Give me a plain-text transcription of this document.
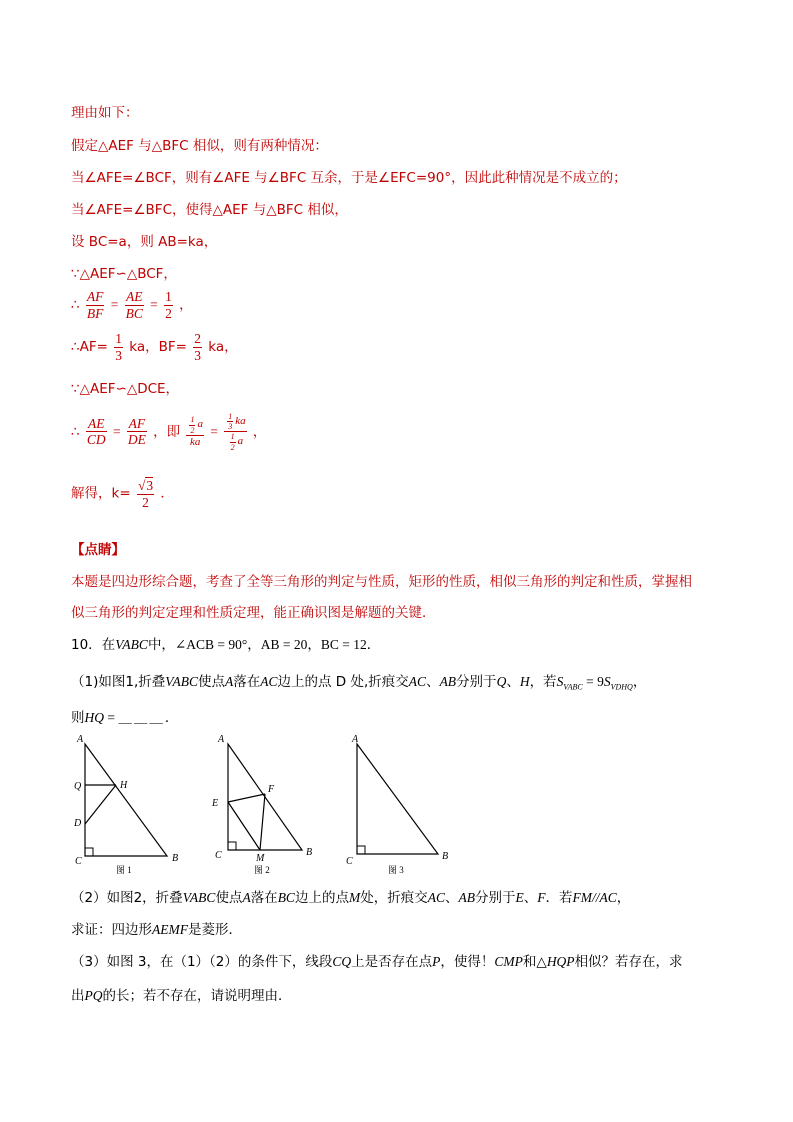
理由如下：
假定△AEF 与△BFC 相似，则有两种情况：
当∠AFE=∠BCF，则有∠AFE 与∠BFC 互余，于是∠EFC=90°，因此此种情况是不成立的；
当∠AFE=∠BFC，使得△AEF 与△BFC 相似，
设 BC=a，则 AB=ka，
∵△AEF∽△BCF，
∴ $\frac{AF}{BF} = \frac{AE}{BC} = \frac{1}{2}$ ，
∴AF= $\frac{1}{3}$ ka，$BF= \frac{2}{3}$ ka，
∵△AEF∽△DCE，
∴ $\frac{AE}{CD} = \frac{AF}{DE}$ ，即 $\frac{\frac{1}{2} a}{ka} = \frac{\frac{1}{3} ka}{\frac{1}{2} a}$ ，
解得，$k= \frac{√3}{2}$ ．
【点睛】
本题是四边形综合题，考查了全等三角形的判定与性质，矩形的性质，相似三角形的判定和性质，掌握相
似三角形的判定定理和性质定理，能正确识图是解题的关键．
10．在VABC中，∠ACB = 90°，AB = 20，BC = 12．
（1)如图1,折叠VABC使点A落在AC边上的点 D 处,折痕交AC、AB分别于Q、H，若$S_{VABC} = 9S_{VDHQ}$，
则HQ = ＿＿＿．
A
Q	H
D
C	B
图 1
A
E
F
C	M
B
图 2
A
C	B
图 3
（2）如图2，折叠VABC使点A落在BC边上的点M处，折痕交AC、AB分别于E、F．若FM//AC，
求证：四边形AEMF是菱形．
（3）如图 3，在（1）（2）的条件下，线段CQ上是否存在点P，使得！CMP和△HQP相似？若存在，求
出PQ的长；若不存在，请说明理由．
